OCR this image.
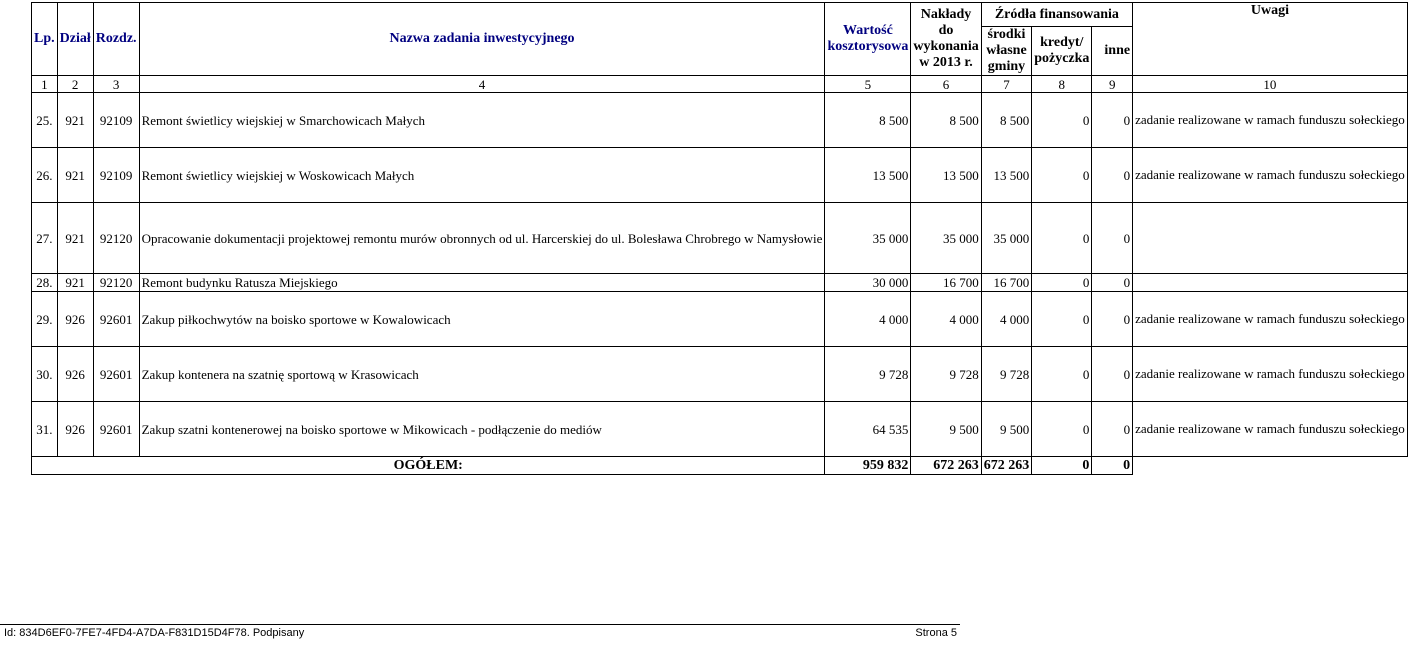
Lp.	Dział	Rozdz.	Nazwa zadania inwestycyjnego	Wartość kosztorysowa	Nakłady do wykonania w 2013 r.	Źródła finansowania			Uwagi
						środki własne gminy	kredyt/ pożyczka	inne	

1	2	3	4	5	6	7	8	9	10
25.	921	92109	Remont świetlicy wiejskiej w Smarchowicach Małych	8 500	8 500	8 500	0	0	zadanie realizowane w ramach funduszu sołeckiego
26.	921	92109	Remont świetlicy wiejskiej w Woskowicach Małych	13 500	13 500	13 500	0	0	zadanie realizowane w ramach funduszu sołeckiego
27.	921	92120	Opracowanie dokumentacji projektowej remontu murów obronnych od ul. Harcerskiej do ul. Bolesława Chrobrego w Namysłowie	35 000	35 000	35 000	0	0	
28.	921	92120	Remont budynku Ratusza Miejskiego	30 000	16 700	16 700	0	0	
29.	926	92601	Zakup piłkochwytów na boisko sportowe w Kowalowicach	4 000	4 000	4 000	0	0	zadanie realizowane w ramach funduszu sołeckiego
30.	926	92601	Zakup kontenera na szatnię sportową w Krasowicach	9 728	9 728	9 728	0	0	zadanie realizowane w ramach funduszu sołeckiego
31.	926	92601	Zakup szatni kontenerowej na boisko sportowe w Mikowicach - podłączenie do mediów	64 535	9 500	9 500	0	0	zadanie realizowane w ramach funduszu sołeckiego
OGÓŁEM:				959 832	672 263	672 263	0	0	
Id: 834D6EF0-7FE7-4FD4-A7DA-F831D15D4F78. Podpisany	Strona 5
